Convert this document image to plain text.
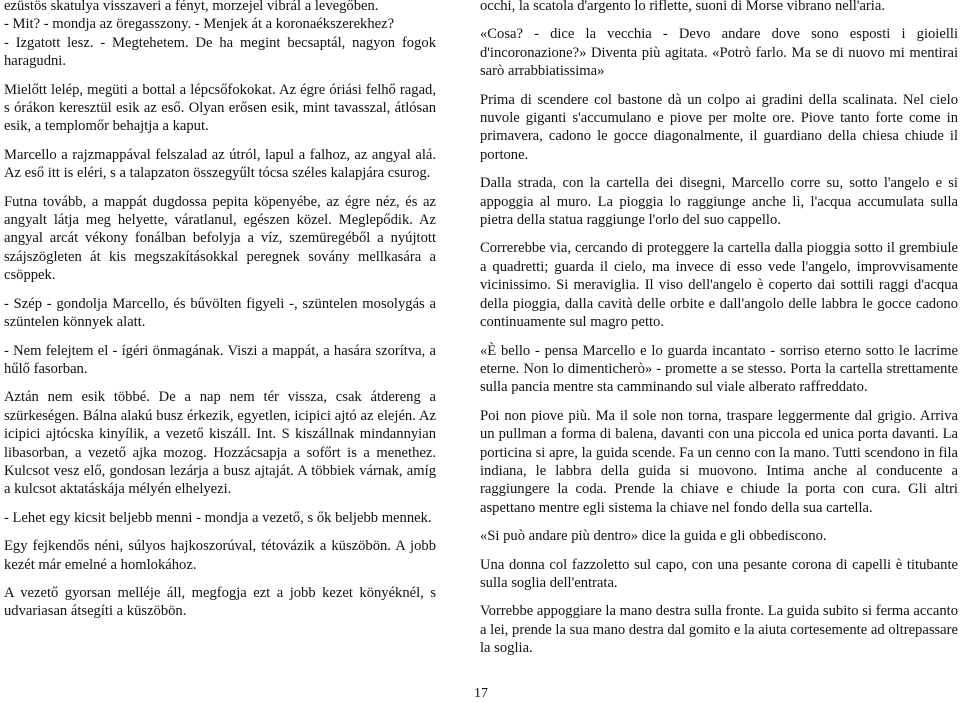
ezüstös skatulya visszaveri a fényt, morzejel vibrál a levegőben.

- Mit? - mondja az öregasszony. - Menjek át a koronaékszerekhez?

- Izgatott lesz. - Megtehetem. De ha megint becsaptál, nagyon fogok haragudni.

Mielőtt lelép, megüti a bottal a lépcsőfokokat. Az égre óriási felhő ragad, s órákon keresztül esik az eső. Olyan erősen esik, mint tavasszal, átlósan esik, a templomőr behajtja a kaput.

Marcello a rajzmappával felszalad az útról, lapul a falhoz, az angyal alá. Az eső itt is eléri, s a talapzaton összegyűlt tócsa széles kalapjára csurog.

Futna tovább, a mappát dugdossa pepita köpenyébe, az égre néz, és az angyalt látja meg helyette, váratlanul, egészen közel. Meglepődik. Az angyal arcát vékony fonálban befolyja a víz, szemüregéből a nyújtott szájszögleten át kis megszakításokkal peregnek sovány mellkasára a csöppek.

- Szép - gondolja Marcello, és bűvölten figyeli -, szüntelen mosolygás a szüntelen könnyek alatt.

- Nem felejtem el - ígéri önmagának. Viszi a mappát, a hasára szorítva, a hűlő fasorban.

Aztán nem esik többé. De a nap nem tér vissza, csak átdereng a szürkeségen. Bálna alakú busz érkezik, egyetlen, icipici ajtó az elején. Az icipici ajtócska kinyílik, a vezető kiszáll. Int. S kiszállnak mindannyian libasorban, a vezető ajka mozog. Hozzácsapja a sofőrt is a menethez. Kulcsot vesz elő, gondosan lezárja a busz ajtaját. A többiek várnak, amíg a kulcsot aktatáskája mélyén elhelyezi.

- Lehet egy kicsit beljebb menni - mondja a vezető, s ők beljebb mennek.

Egy fejkendős néni, súlyos hajkoszorúval, tétovázik a küszöbön. A jobb kezét már emelné a homlokához.

A vezető gyorsan melléje áll, megfogja ezt a jobb kezet könyéknél, s udvariasan átsegíti a küszöbön.

occhi, la scatola d'argento lo riflette, suoni di Morse vibrano nell'aria.

«Cosa? - dice la vecchia - Devo andare dove sono esposti i gioielli d'incoronazione?» Diventa più agitata. «Potrò farlo. Ma se di nuovo mi mentirai sarò arrabbiatissima»

Prima di scendere col bastone dà un colpo ai gradini della scalinata. Nel cielo nuvole giganti s'accumulano e piove per molte ore. Piove tanto forte come in primavera, cadono le gocce diagonalmente, il guardiano della chiesa chiude il portone.

Dalla strada, con la cartella dei disegni, Marcello corre su, sotto l'angelo e si appoggia al muro. La pioggia lo raggiunge anche lì, l'acqua accumulata sulla pietra della statua raggiunge l'orlo del suo cappello.

Correrebbe via, cercando di proteggere la cartella dalla pioggia sotto il grembiule a quadretti; guarda il cielo, ma invece di esso vede l'angelo, improvvisamente vicinissimo. Si meraviglia. Il viso dell'angelo è coperto dai sottili raggi d'acqua della pioggia, dalla cavità delle orbite e dall'angolo delle labbra le gocce cadono continuamente sul magro petto.

«È bello - pensa Marcello e lo guarda incantato - sorriso eterno sotto le lacrime eterne. Non lo dimenticherò» - promette a se stesso. Porta la cartella strettamente sulla pancia mentre sta camminando sul viale alberato raffreddato.

Poi non piove più. Ma il sole non torna, traspare leggermente dal grigio. Arriva un pullman a forma di balena, davanti con una piccola ed unica porta davanti. La porticina si apre, la guida scende. Fa un cenno con la mano. Tutti scendono in fila indiana, le labbra della guida si muovono. Intima anche al conducente a raggiungere la coda. Prende la chiave e chiude la porta con cura. Gli altri aspettano mentre egli sistema la chiave nel fondo della sua cartella.

«Si può andare più dentro» dice la guida e gli obbediscono.

Una donna col fazzoletto sul capo, con una pesante corona di capelli è titubante sulla soglia dell'entrata.

Vorrebbe appoggiare la mano destra sulla fronte. La guida subito si ferma accanto a lei, prende la sua mano destra dal gomito e la aiuta cortesemente ad oltrepassare la soglia.

17
